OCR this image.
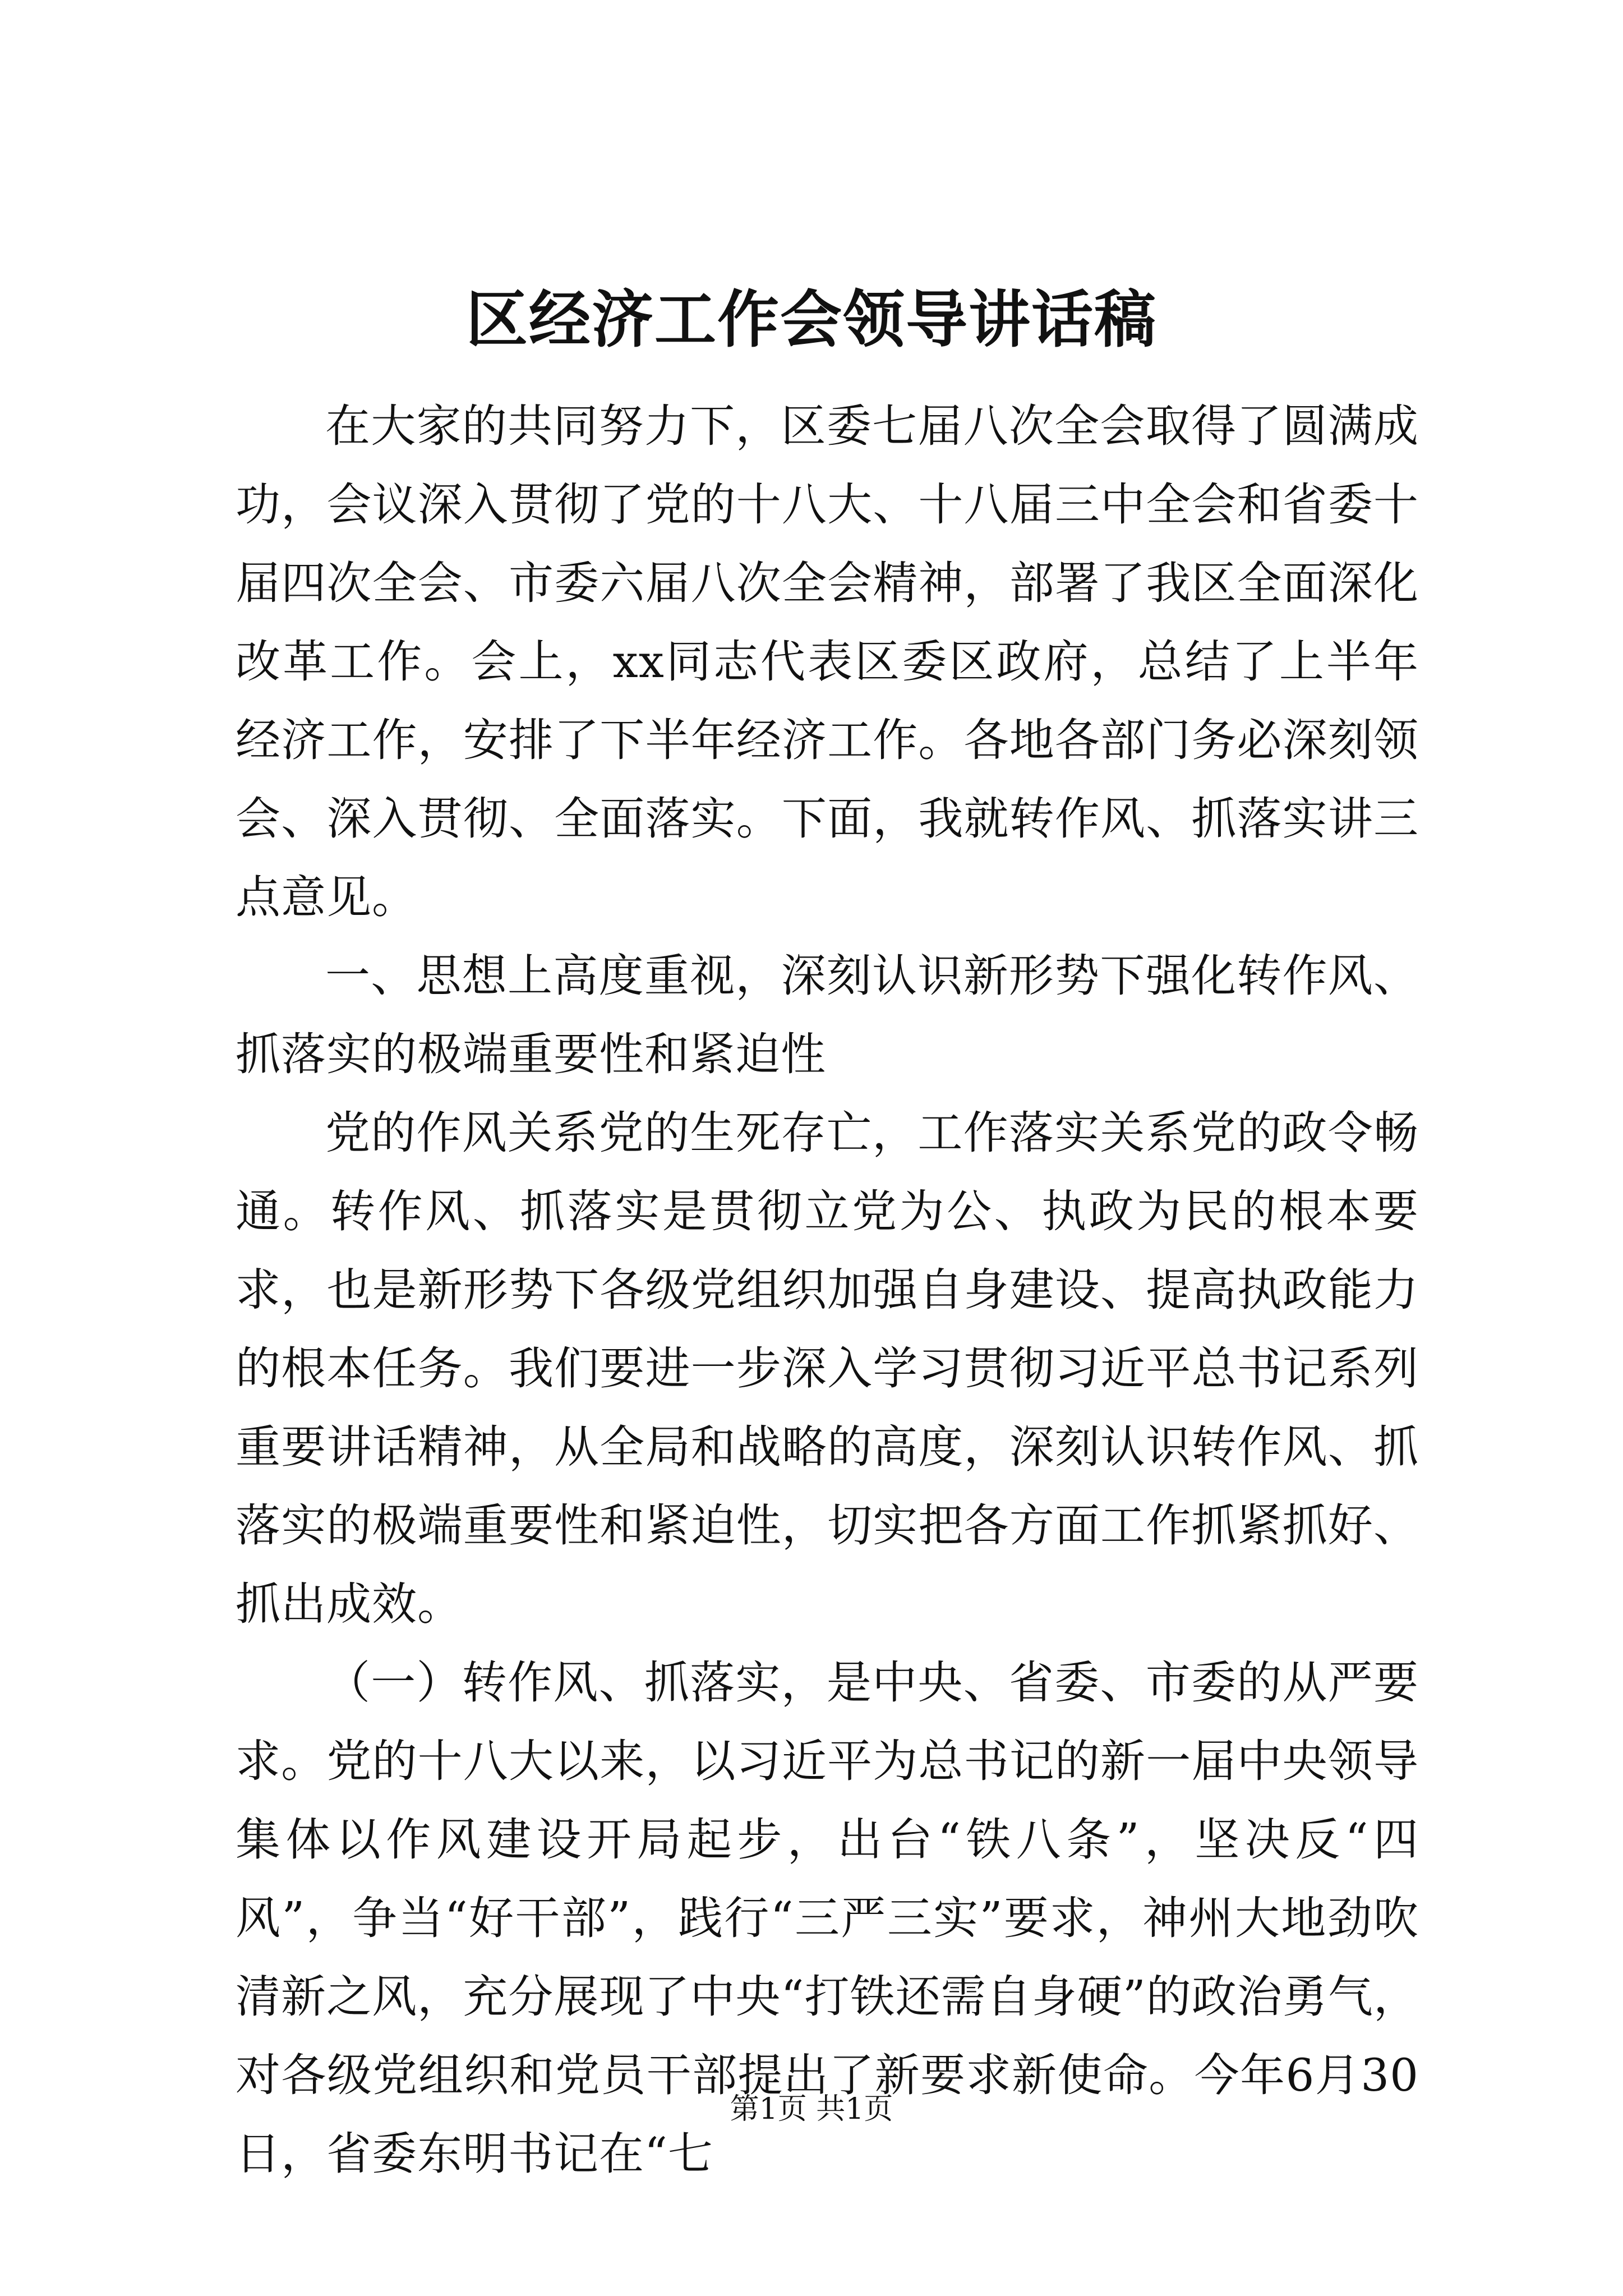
区经济工作会领导讲话稿

在大家的共同努力下，区委七届八次全会取得了圆满成功，会议深入贯彻了党的十八大、十八届三中全会和省委十届四次全会、市委六届八次全会精神，部署了我区全面深化改革工作。会上，xx同志代表区委区政府，总结了上半年经济工作，安排了下半年经济工作。各地各部门务必深刻领会、深入贯彻、全面落实。下面，我就转作风、抓落实讲三点意见。

一、思想上高度重视，深刻认识新形势下强化转作风、抓落实的极端重要性和紧迫性

党的作风关系党的生死存亡，工作落实关系党的政令畅通。转作风、抓落实是贯彻立党为公、执政为民的根本要求，也是新形势下各级党组织加强自身建设、提高执政能力的根本任务。我们要进一步深入学习贯彻习近平总书记系列重要讲话精神，从全局和战略的高度，深刻认识转作风、抓落实的极端重要性和紧迫性，切实把各方面工作抓紧抓好、抓出成效。

（一）转作风、抓落实，是中央、省委、市委的从严要求。党的十八大以来，以习近平为总书记的新一届中央领导集体以作风建设开局起步，出台“铁八条”，坚决反“四风”，争当“好干部”，践行“三严三实”要求，神州大地劲吹清新之风，充分展现了中央“打铁还需自身硬”的政治勇气，对各级党组织和党员干部提出了新要求新使命。今年6月30日，省委东明书记在“七

第1页 共1页
